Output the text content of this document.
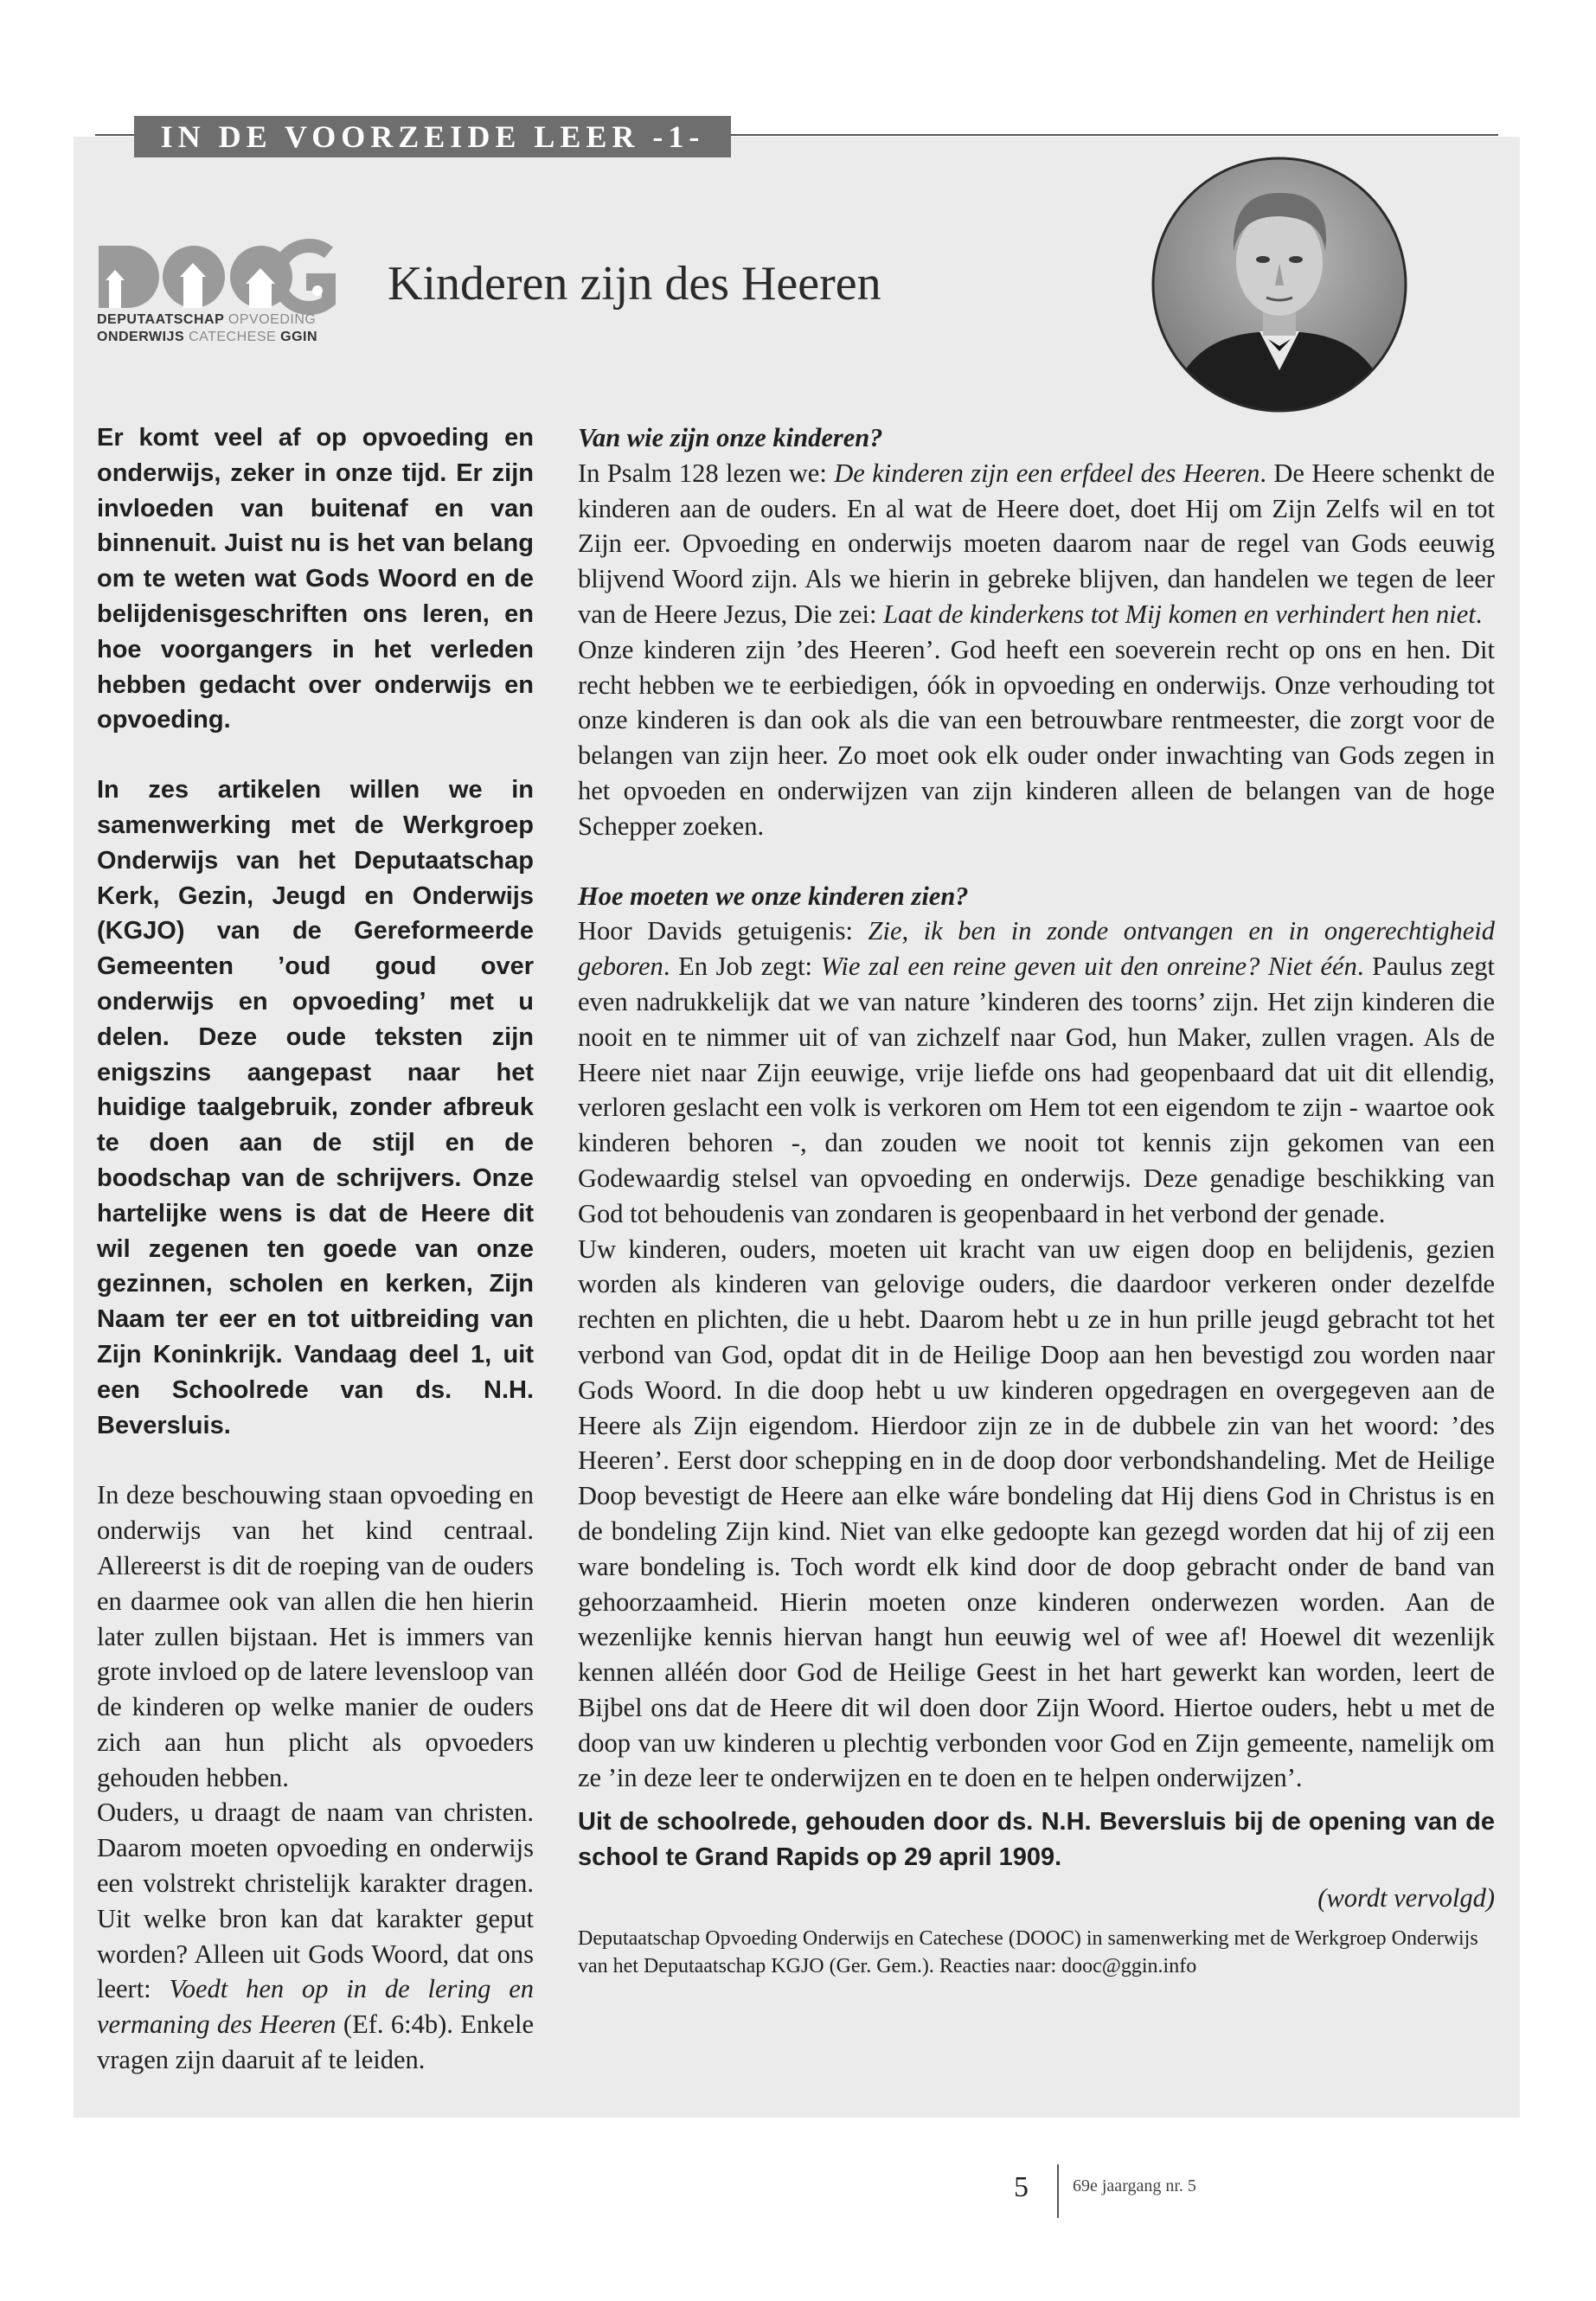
IN DE VOORZEIDE LEER -1-
DEPUTAATSCHAP OPVOEDING
ONDERWIJS CATECHESE GGIN
Kinderen zijn des Heeren

Er komt veel af op opvoeding en onderwijs, zeker in onze tijd. Er zijn invloeden van buitenaf en van binnenuit. Juist nu is het van belang om te weten wat Gods Woord en de belijdenisgeschriften ons leren, en hoe voorgangers in het verleden hebben gedacht over onderwijs en opvoeding.

In zes artikelen willen we in samenwerking met de Werkgroep Onderwijs van het Deputaatschap Kerk, Gezin, Jeugd en Onderwijs (KGJO) van de Gereformeerde Gemeenten ’oud goud over onderwijs en opvoeding’ met u delen. Deze oude teksten zijn enigszins aangepast naar het huidige taalgebruik, zonder afbreuk te doen aan de stijl en de boodschap van de schrijvers. Onze hartelijke wens is dat de Heere dit wil zegenen ten goede van onze gezinnen, scholen en kerken, Zijn Naam ter eer en tot uitbreiding van Zijn Koninkrijk. Vandaag deel 1, uit een Schoolrede van ds. N.H. Beversluis.

In deze beschouwing staan opvoeding en onderwijs van het kind centraal. Allereerst is dit de roeping van de ouders en daarmee ook van allen die hen hierin later zullen bijstaan. Het is immers van grote invloed op de latere levensloop van de kinderen op welke manier de ouders zich aan hun plicht als opvoeders gehouden hebben.

Ouders, u draagt de naam van christen. Daarom moeten opvoeding en onderwijs een volstrekt christelijk karakter dragen. Uit welke bron kan dat karakter geput worden? Alleen uit Gods Woord, dat ons leert: Voedt hen op in de lering en vermaning des Heeren (Ef. 6:4b). Enkele vragen zijn daaruit af te leiden.

Van wie zijn onze kinderen?

In Psalm 128 lezen we: De kinderen zijn een erfdeel des Heeren. De Heere schenkt de kinderen aan de ouders. En al wat de Heere doet, doet Hij om Zijn Zelfs wil en tot Zijn eer. Opvoeding en onderwijs moeten daarom naar de regel van Gods eeuwig blijvend Woord zijn. Als we hierin in gebreke blijven, dan handelen we tegen de leer van de Heere Jezus, Die zei: Laat de kinderkens tot Mij komen en verhindert hen niet.

Onze kinderen zijn ’des Heeren’. God heeft een soeverein recht op ons en hen. Dit recht hebben we te eerbiedigen, óók in opvoeding en onderwijs. Onze verhouding tot onze kinderen is dan ook als die van een betrouwbare rentmeester, die zorgt voor de belangen van zijn heer. Zo moet ook elk ouder onder inwachting van Gods zegen in het opvoeden en onderwijzen van zijn kinderen alleen de belangen van de hoge Schepper zoeken.

Hoe moeten we onze kinderen zien?

Hoor Davids getuigenis: Zie, ik ben in zonde ontvangen en in ongerechtigheid geboren. En Job zegt: Wie zal een reine geven uit den onreine? Niet één. Paulus zegt even nadrukkelijk dat we van nature ’kinderen des toorns’ zijn. Het zijn kinderen die nooit en te nimmer uit of van zichzelf naar God, hun Maker, zullen vragen. Als de Heere niet naar Zijn eeuwige, vrije liefde ons had geopenbaard dat uit dit ellendig, verloren geslacht een volk is verkoren om Hem tot een eigendom te zijn - waartoe ook kinderen behoren -, dan zouden we nooit tot kennis zijn gekomen van een Godewaardig stelsel van opvoeding en onderwijs. Deze genadige beschikking van God tot behoudenis van zondaren is geopenbaard in het verbond der genade.

Uw kinderen, ouders, moeten uit kracht van uw eigen doop en belijdenis, gezien worden als kinderen van gelovige ouders, die daardoor verkeren onder dezelfde rechten en plichten, die u hebt. Daarom hebt u ze in hun prille jeugd gebracht tot het verbond van God, opdat dit in de Heilige Doop aan hen bevestigd zou worden naar Gods Woord. In die doop hebt u uw kinderen opgedragen en overgegeven aan de Heere als Zijn eigendom. Hierdoor zijn ze in de dubbele zin van het woord: ’des Heeren’. Eerst door schepping en in de doop door verbondshandeling. Met de Heilige Doop bevestigt de Heere aan elke wáre bondeling dat Hij diens God in Christus is en de bondeling Zijn kind. Niet van elke gedoopte kan gezegd worden dat hij of zij een ware bondeling is. Toch wordt elk kind door de doop gebracht onder de band van gehoorzaamheid. Hierin moeten onze kinderen onderwezen worden. Aan de wezenlijke kennis hiervan hangt hun eeuwig wel of wee af! Hoewel dit wezenlijk kennen alléén door God de Heilige Geest in het hart gewerkt kan worden, leert de Bijbel ons dat de Heere dit wil doen door Zijn Woord. Hiertoe ouders, hebt u met de doop van uw kinderen u plechtig verbonden voor God en Zijn gemeente, namelijk om ze ’in deze leer te onderwijzen en te doen en te helpen onderwijzen’.

Uit de schoolrede, gehouden door ds. N.H. Beversluis bij de opening van de school te Grand Rapids op 29 april 1909.

(wordt vervolgd)

Deputaatschap Opvoeding Onderwijs en Catechese (DOOC) in samenwerking met de Werkgroep Onderwijs van het Deputaatschap KGJO (Ger. Gem.). Reacties naar: dooc@ggin.info

5	69e jaargang nr. 5
